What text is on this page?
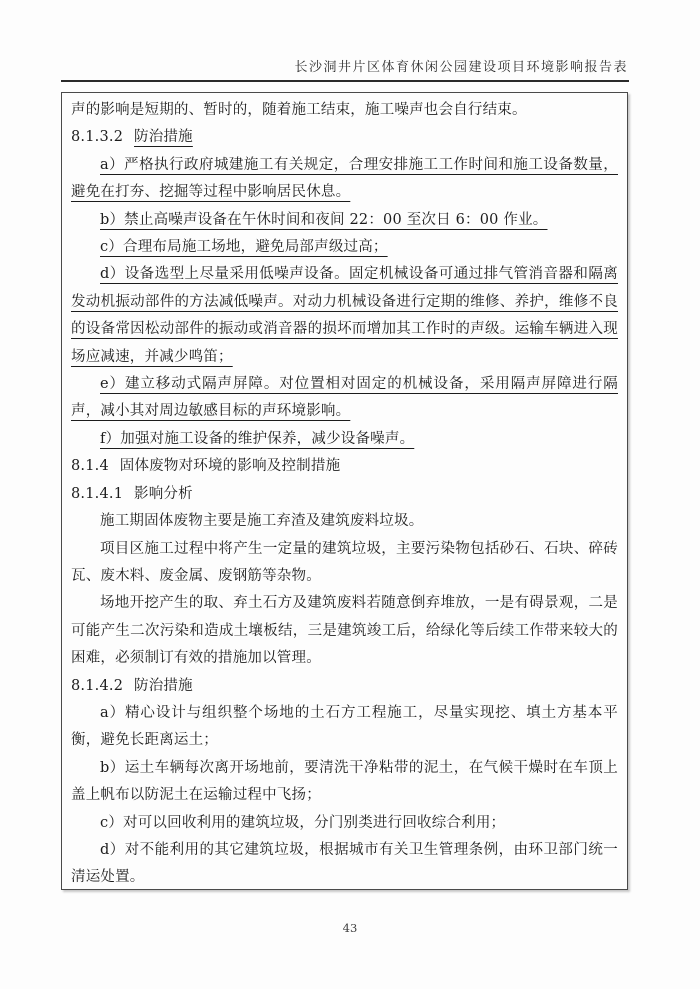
长沙洞井片区体育休闲公园建设项目环境影响报告表

声的影响是短期的、暂时的，随着施工结束，施工噪声也会自行结束。

8.1.3.2 防治措施

a）严格执行政府城建施工有关规定，合理安排施工工作时间和施工设备数量，避免在打夯、挖掘等过程中影响居民休息。

b）禁止高噪声设备在午休时间和夜间 22：00 至次日 6：00 作业。

c）合理布局施工场地，避免局部声级过高；

d）设备选型上尽量采用低噪声设备。固定机械设备可通过排气管消音器和隔离发动机振动部件的方法减低噪声。对动力机械设备进行定期的维修、养护，维修不良的设备常因松动部件的振动或消音器的损坏而增加其工作时的声级。运输车辆进入现场应减速，并减少鸣笛；

e）建立移动式隔声屏障。对位置相对固定的机械设备，采用隔声屏障进行隔声，减小其对周边敏感目标的声环境影响。

f）加强对施工设备的维护保养，减少设备噪声。

8.1.4 固体废物对环境的影响及控制措施

8.1.4.1 影响分析

施工期固体废物主要是施工弃渣及建筑废料垃圾。

项目区施工过程中将产生一定量的建筑垃圾，主要污染物包括砂石、石块、碎砖瓦、废木料、废金属、废钢筋等杂物。

场地开挖产生的取、弃土石方及建筑废料若随意倒弃堆放，一是有碍景观，二是可能产生二次污染和造成土壤板结，三是建筑竣工后，给绿化等后续工作带来较大的困难，必须制订有效的措施加以管理。

8.1.4.2 防治措施

a）精心设计与组织整个场地的土石方工程施工，尽量实现挖、填土方基本平衡，避免长距离运土；

b）运土车辆每次离开场地前，要清洗干净粘带的泥土，在气候干燥时在车顶上盖上帆布以防泥土在运输过程中飞扬；

c）对可以回收利用的建筑垃圾，分门别类进行回收综合利用；

d）对不能利用的其它建筑垃圾，根据城市有关卫生管理条例，由环卫部门统一清运处置。

43
